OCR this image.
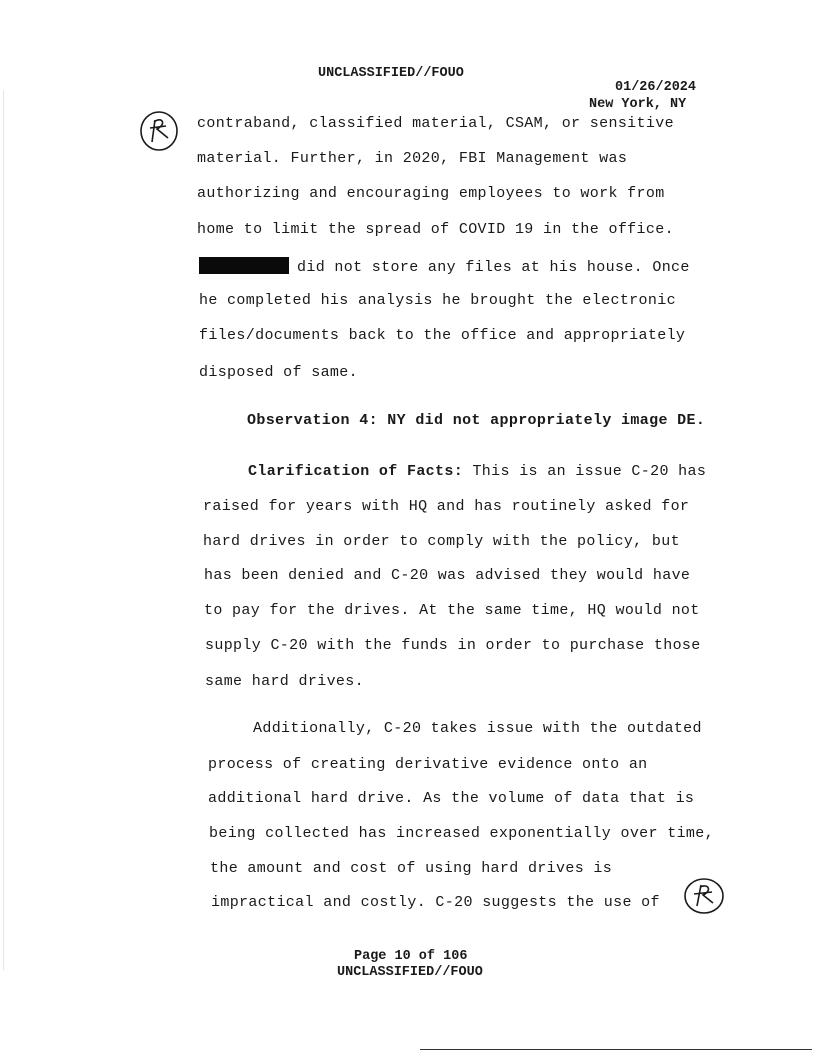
UNCLASSIFIED//FOUO
01/26/2024
New York, NY
contraband, classified material, CSAM, or sensitive
material. Further, in 2020, FBI Management was
authorizing and encouraging employees to work from
home to limit the spread of COVID 19 in the office.
did not store any files at his house. Once
he completed his analysis he brought the electronic
files/documents back to the office and appropriately
disposed of same.
Observation 4: NY did not appropriately image DE.
Clarification of Facts: This is an issue C-20 has
raised for years with HQ and has routinely asked for
hard drives in order to comply with the policy, but
has been denied and C-20 was advised they would have
to pay for the drives. At the same time, HQ would not
supply C-20 with the funds in order to purchase those
same hard drives.
Additionally, C-20 takes issue with the outdated
process of creating derivative evidence onto an
additional hard drive. As the volume of data that is
being collected has increased exponentially over time,
the amount and cost of using hard drives is
impractical and costly. C-20 suggests the use of
Page 10 of 106
UNCLASSIFIED//FOUO
